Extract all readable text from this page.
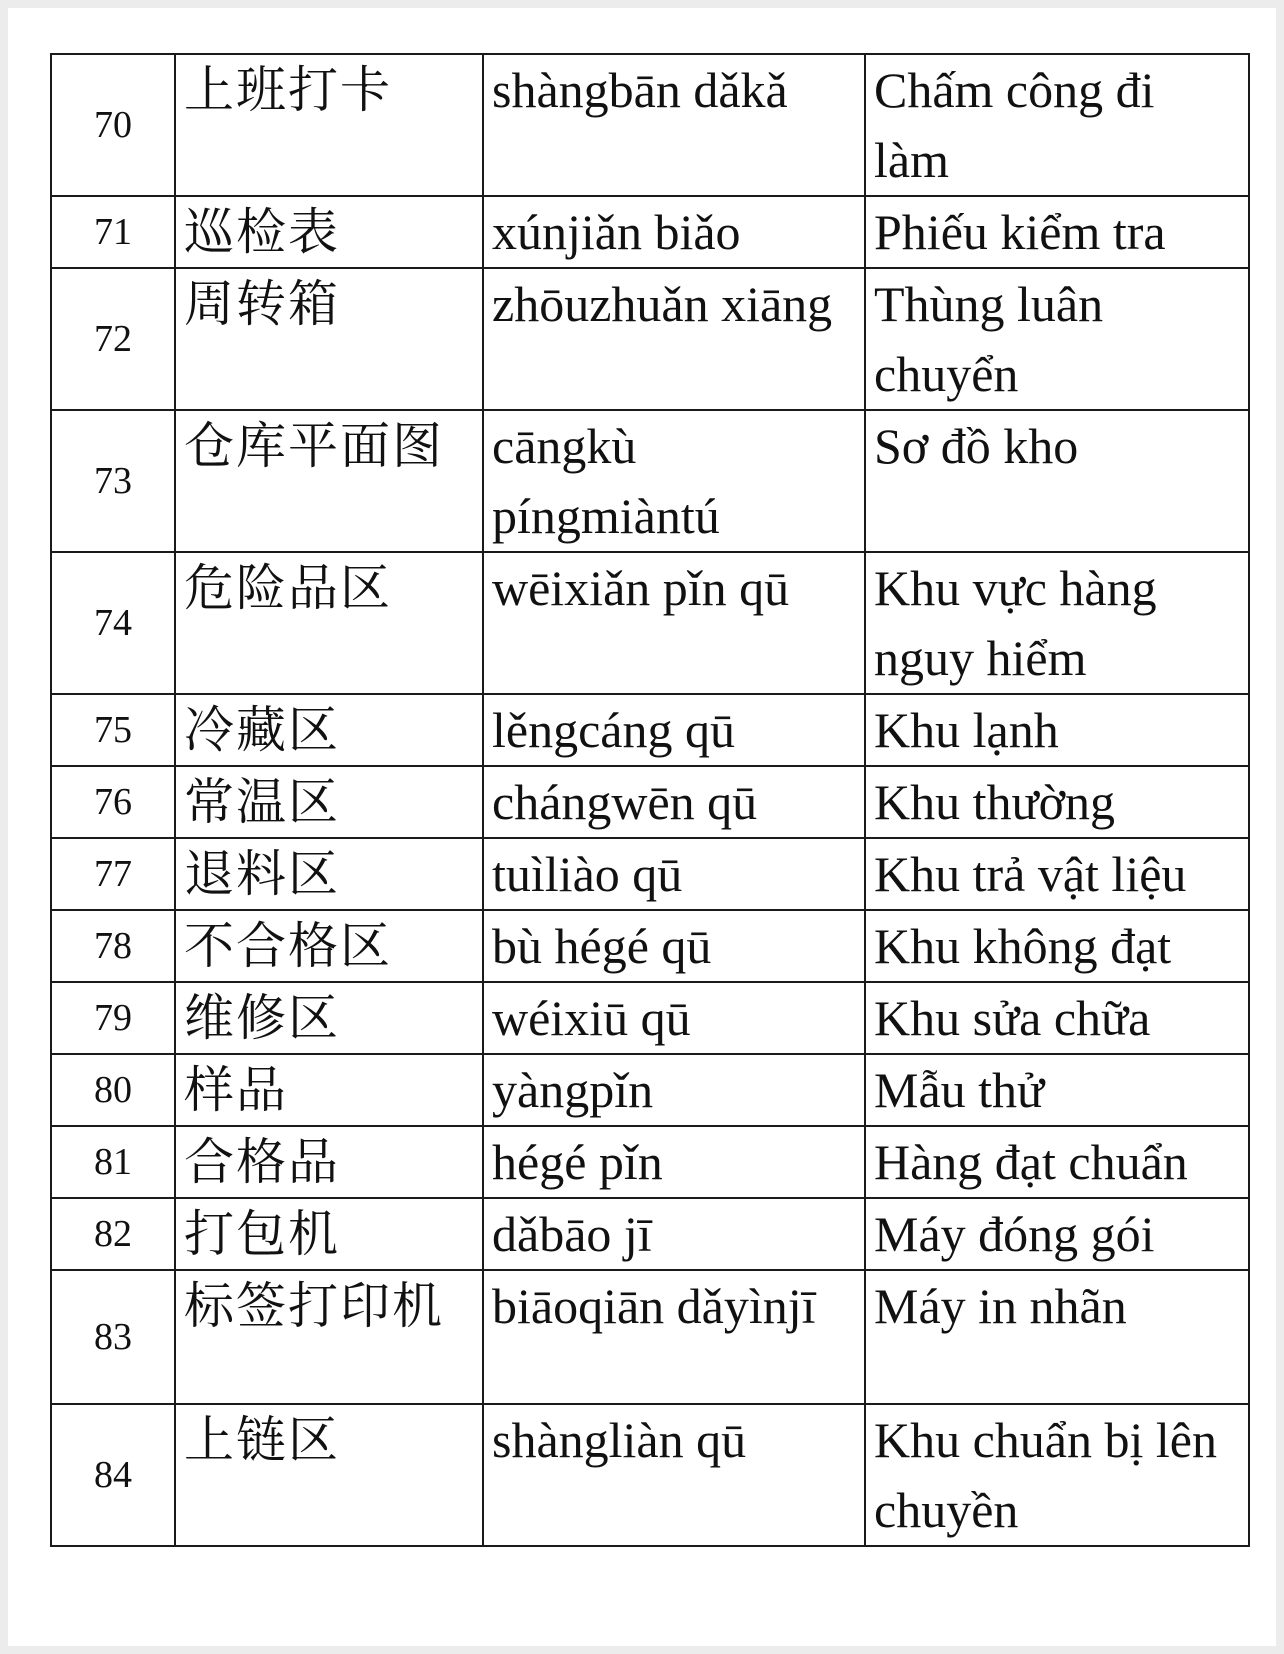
70	上班打卡	shàngbān dǎkǎ	Chấm công đi làm
71	巡检表	xúnjiǎn biǎo	Phiếu kiểm tra
72	周转箱	zhōuzhuǎn xiāng	Thùng luân chuyển
73	仓库平面图	cāngkù píngmiàntú	Sơ đồ kho
74	危险品区	wēixiǎn pǐn qū	Khu vực hàng nguy hiểm
75	冷藏区	lěngcáng qū	Khu lạnh
76	常温区	chángwēn qū	Khu thường
77	退料区	tuìliào qū	Khu trả vật liệu
78	不合格区	bù hégé qū	Khu không đạt
79	维修区	wéixiū qū	Khu sửa chữa
80	样品	yàngpǐn	Mẫu thử
81	合格品	hégé pǐn	Hàng đạt chuẩn
82	打包机	dǎbāo jī	Máy đóng gói
83	标签打印机	biāoqiān dǎyìnjī	Máy in nhãn
84	上链区	shàngliàn qū	Khu chuẩn bị lên chuyền
